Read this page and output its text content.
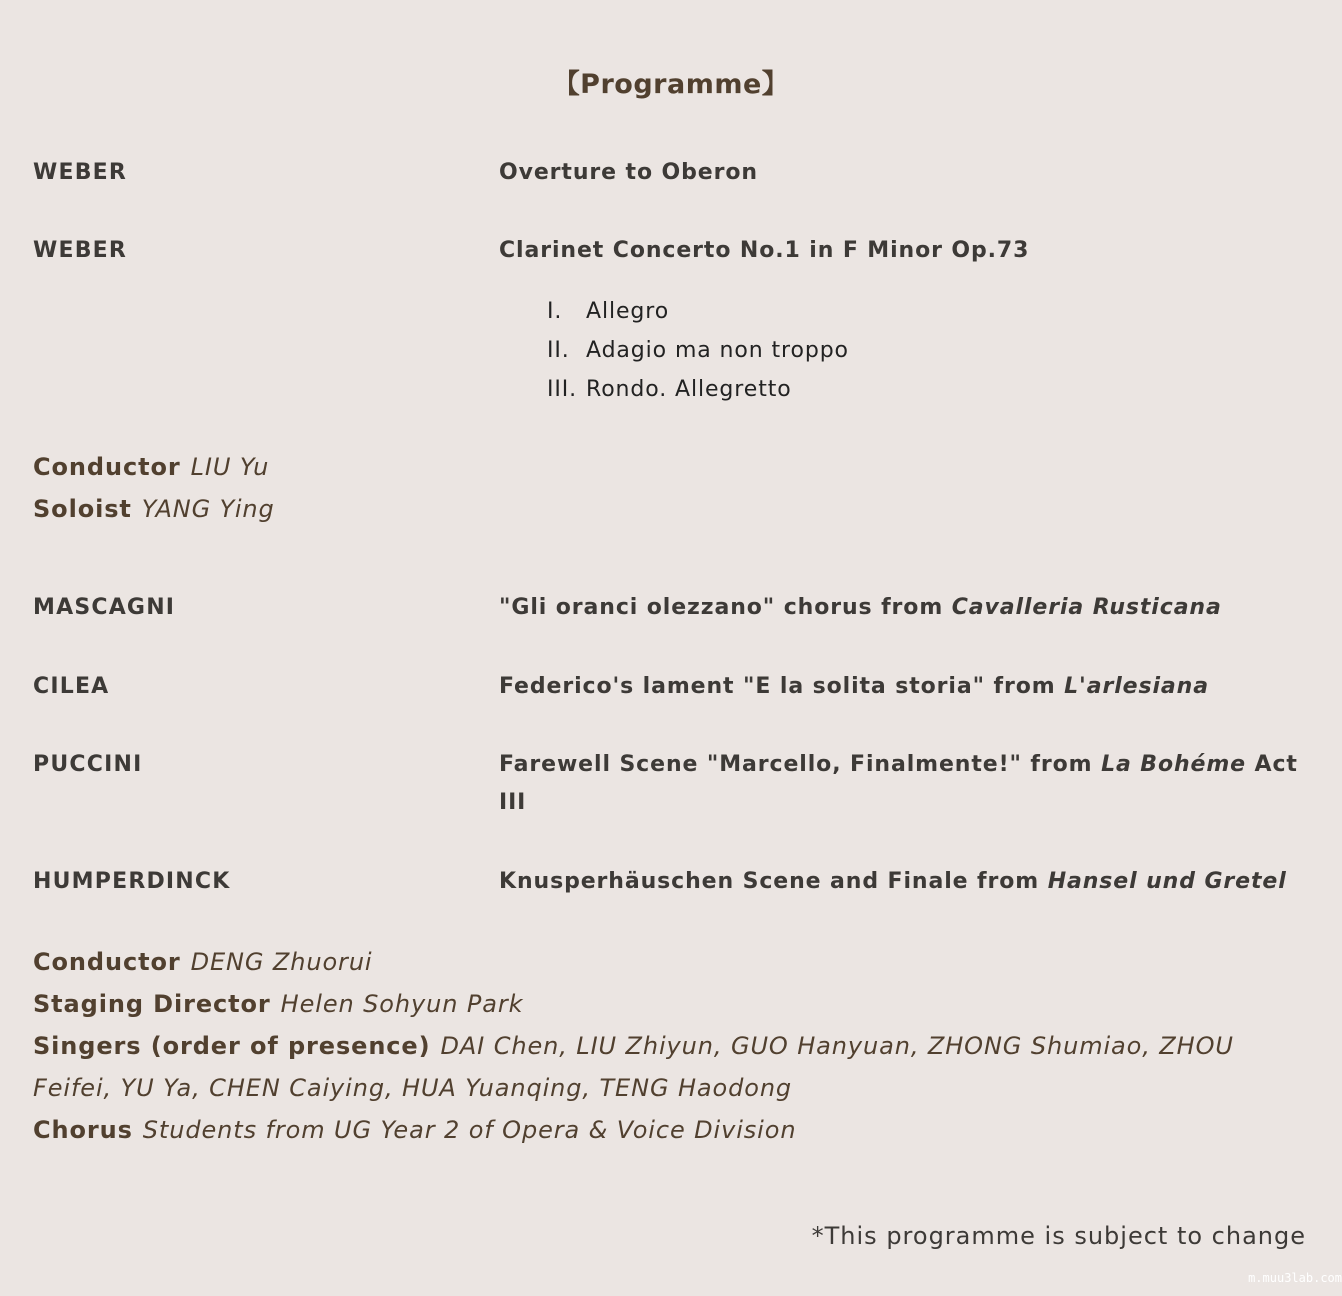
【Programme】
WEBER	Overture to Oberon
WEBER	Clarinet Concerto No.1 in F Minor Op.73
I. Allegro
II. Adagio ma non troppo
III. Rondo. Allegretto
Conductor LIU Yu
Soloist YANG Ying
MASCAGNI	"Gli oranci olezzano" chorus from Cavalleria Rusticana
CILEA	Federico's lament "E la solita storia" from L'arlesiana
PUCCINI	Farewell Scene "Marcello, Finalmente!" from La Bohéme Act III
HUMPERDINCK	Knusperhäuschen Scene and Finale from Hansel und Gretel
Conductor DENG Zhuorui
Staging Director Helen Sohyun Park
Singers (order of presence) DAI Chen, LIU Zhiyun, GUO Hanyuan, ZHONG Shumiao, ZHOU Feifei, YU Ya, CHEN Caiying, HUA Yuanqing, TENG Haodong
Chorus Students from UG Year 2 of Opera & Voice Division
*This programme is subject to change
m.muu3lab.com
